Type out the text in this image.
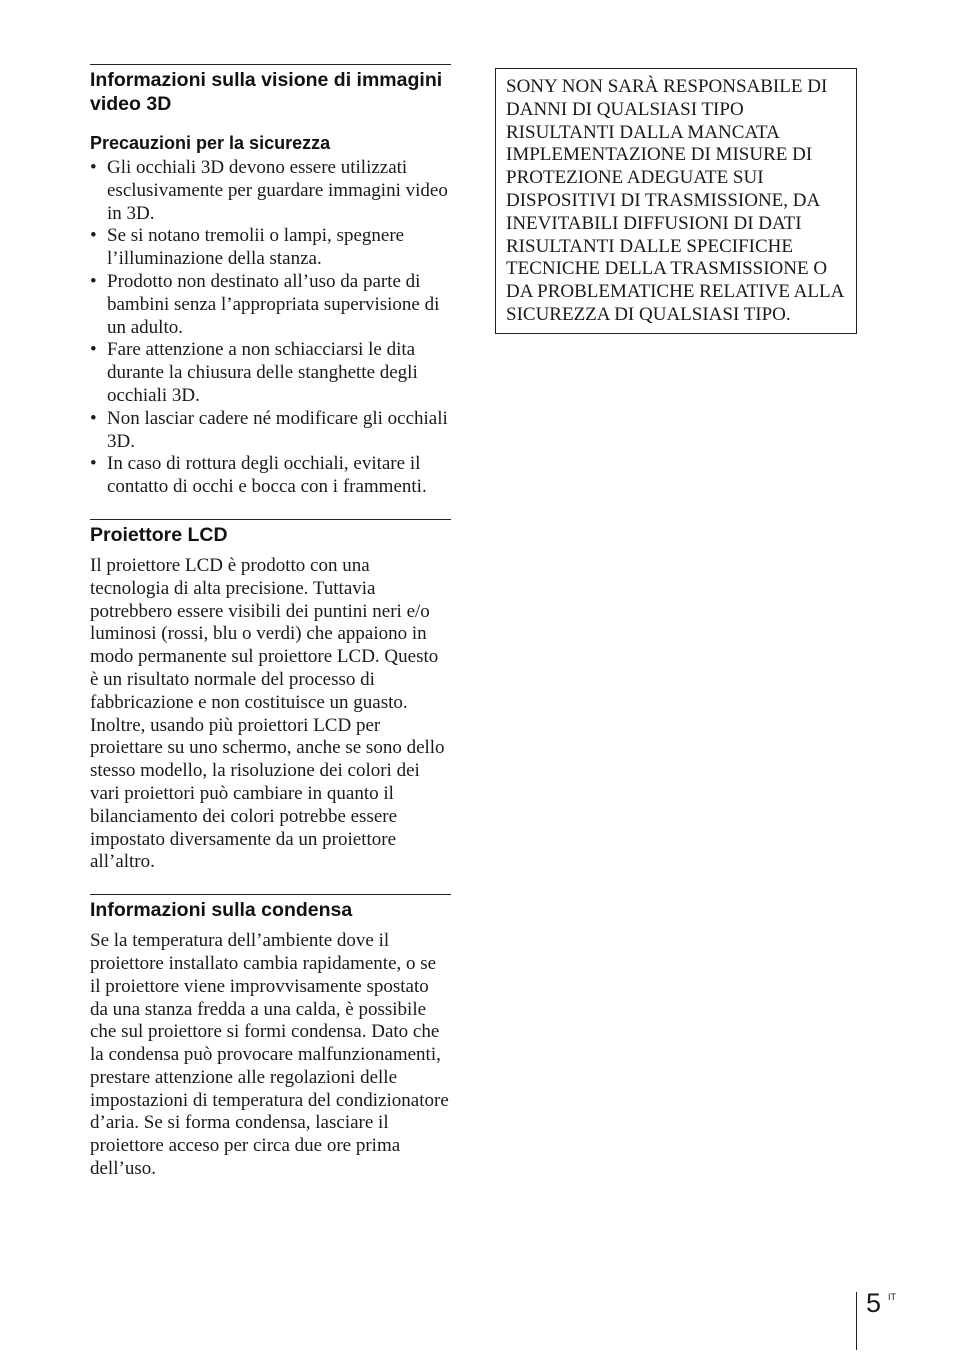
Informazioni sulla visione di immagini video 3D
Precauzioni per la sicurezza
• Gli occhiali 3D devono essere utilizzati esclusivamente per guardare immagini video in 3D.
• Se si notano tremolii o lampi, spegnere l’illuminazione della stanza.
• Prodotto non destinato all’uso da parte di bambini senza l’appropriata supervisione di un adulto.
• Fare attenzione a non schiacciarsi le dita durante la chiusura delle stanghette degli occhiali 3D.
• Non lasciar cadere né modificare gli occhiali 3D.
• In caso di rottura degli occhiali, evitare il contatto di occhi e bocca con i frammenti.
Proiettore LCD

Il proiettore LCD è prodotto con una tecnologia di alta precisione. Tuttavia potrebbero essere visibili dei puntini neri e/o luminosi (rossi, blu o verdi) che appaiono in modo permanente sul proiettore LCD. Questo è un risultato normale del processo di fabbricazione e non costituisce un guasto. Inoltre, usando più proiettori LCD per proiettare su uno schermo, anche se sono dello stesso modello, la risoluzione dei colori dei vari proiettori può cambiare in quanto il bilanciamento dei colori potrebbe essere impostato diversamente da un proiettore all’altro.

Informazioni sulla condensa

Se la temperatura dell’ambiente dove il proiettore installato cambia rapidamente, o se il proiettore viene improvvisamente spostato da una stanza fredda a una calda, è possibile che sul proiettore si formi condensa. Dato che la condensa può provocare malfunzionamenti, prestare attenzione alle regolazioni delle impostazioni di temperatura del condizionatore d’aria. Se si forma condensa, lasciare il proiettore acceso per circa due ore prima dell’uso.

SONY NON SARÀ RESPONSABILE DI DANNI DI QUALSIASI TIPO RISULTANTI DALLA MANCATA IMPLEMENTAZIONE DI MISURE DI PROTEZIONE ADEGUATE SUI DISPOSITIVI DI TRASMISSIONE, DA INEVITABILI DIFFUSIONI DI DATI RISULTANTI DALLE SPECIFICHE TECNICHE DELLA TRASMISSIONE O DA PROBLEMATICHE RELATIVE ALLA SICUREZZA DI QUALSIASI TIPO.
5 IT
